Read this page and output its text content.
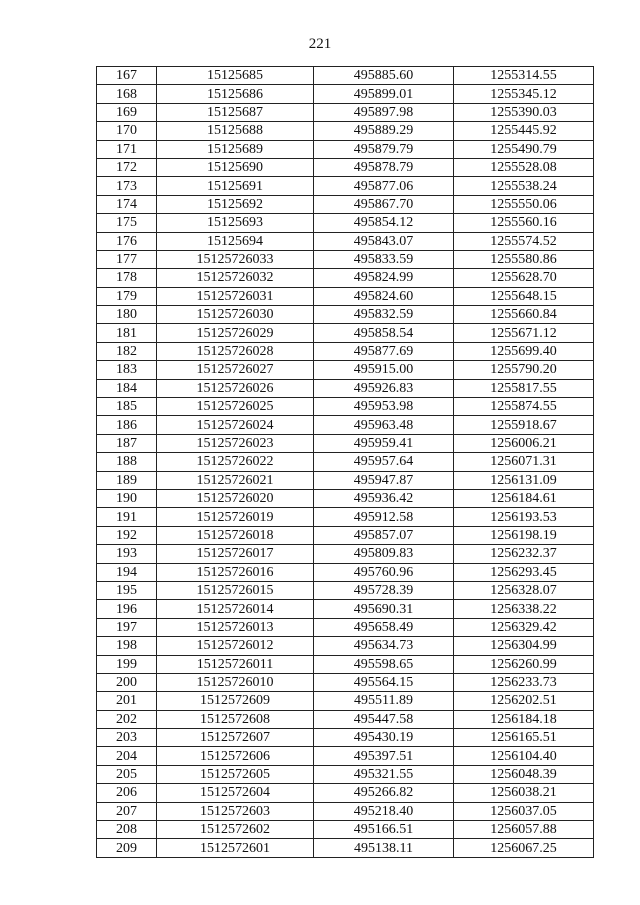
221
167	15125685	495885.60	1255314.55
168	15125686	495899.01	1255345.12
169	15125687	495897.98	1255390.03
170	15125688	495889.29	1255445.92
171	15125689	495879.79	1255490.79
172	15125690	495878.79	1255528.08
173	15125691	495877.06	1255538.24
174	15125692	495867.70	1255550.06
175	15125693	495854.12	1255560.16
176	15125694	495843.07	1255574.52
177	15125726033	495833.59	1255580.86
178	15125726032	495824.99	1255628.70
179	15125726031	495824.60	1255648.15
180	15125726030	495832.59	1255660.84
181	15125726029	495858.54	1255671.12
182	15125726028	495877.69	1255699.40
183	15125726027	495915.00	1255790.20
184	15125726026	495926.83	1255817.55
185	15125726025	495953.98	1255874.55
186	15125726024	495963.48	1255918.67
187	15125726023	495959.41	1256006.21
188	15125726022	495957.64	1256071.31
189	15125726021	495947.87	1256131.09
190	15125726020	495936.42	1256184.61
191	15125726019	495912.58	1256193.53
192	15125726018	495857.07	1256198.19
193	15125726017	495809.83	1256232.37
194	15125726016	495760.96	1256293.45
195	15125726015	495728.39	1256328.07
196	15125726014	495690.31	1256338.22
197	15125726013	495658.49	1256329.42
198	15125726012	495634.73	1256304.99
199	15125726011	495598.65	1256260.99
200	15125726010	495564.15	1256233.73
201	1512572609	495511.89	1256202.51
202	1512572608	495447.58	1256184.18
203	1512572607	495430.19	1256165.51
204	1512572606	495397.51	1256104.40
205	1512572605	495321.55	1256048.39
206	1512572604	495266.82	1256038.21
207	1512572603	495218.40	1256037.05
208	1512572602	495166.51	1256057.88
209	1512572601	495138.11	1256067.25
